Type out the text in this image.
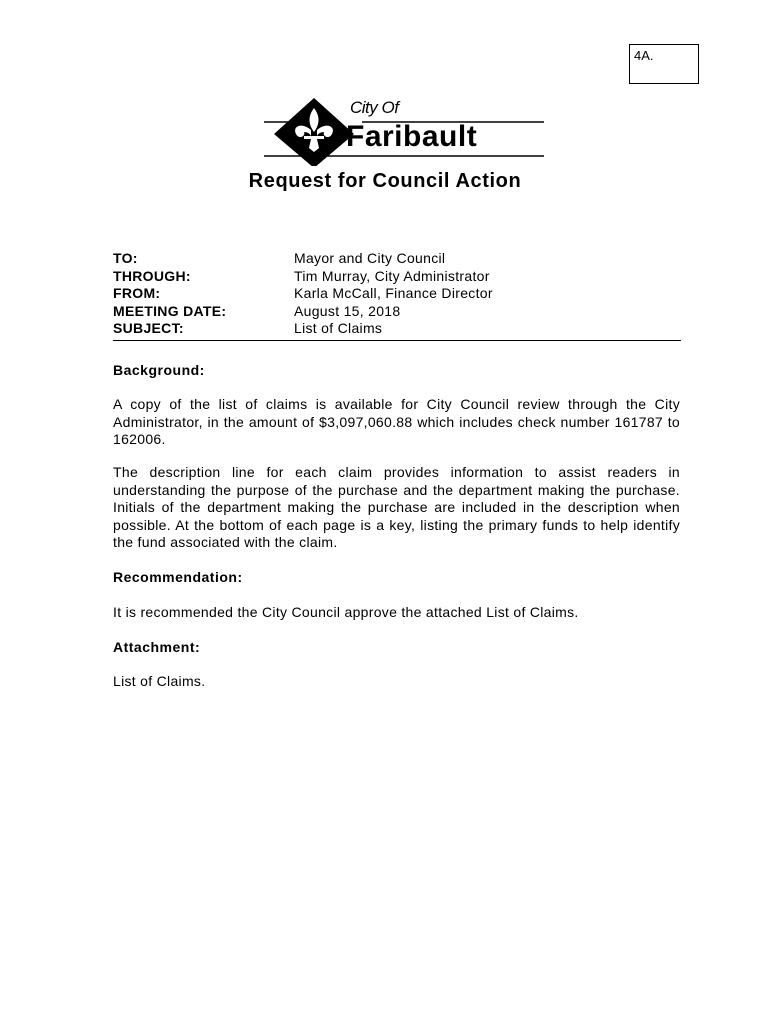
4A.
City Of
Faribault
Request for Council Action
TO:	Mayor and City Council
THROUGH:	Tim Murray, City Administrator
FROM:	Karla McCall, Finance Director
MEETING DATE:	August 15, 2018
SUBJECT:	List of Claims
Background:
A copy of the list of claims is available for City Council review through the City Administrator, in the amount of $3,097,060.88 which includes check number 161787 to 162006.
The description line for each claim provides information to assist readers in understanding the purpose of the purchase and the department making the purchase. Initials of the department making the purchase are included in the description when possible. At the bottom of each page is a key, listing the primary funds to help identify the fund associated with the claim.
Recommendation:
It is recommended the City Council approve the attached List of Claims.
Attachment:
List of Claims.
